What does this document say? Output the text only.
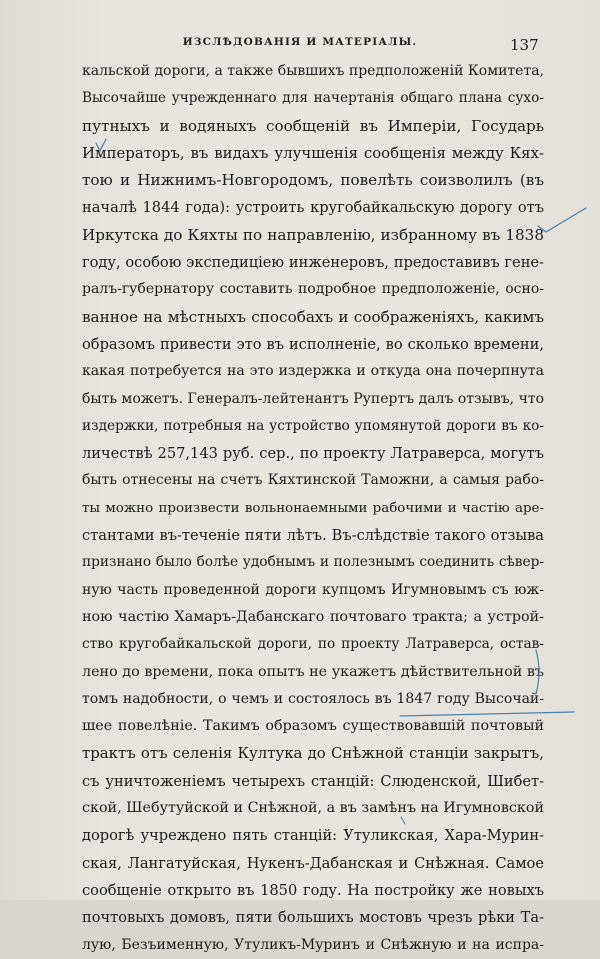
ИЗСЛѢДОВАНІЯ И МАТЕРІАЛЫ.	137
кальской дороги, а также бывшихъ предположеній Комитета,
Высочайше учрежденнаго для начертанія общаго плана сухо-
путныхъ и водяныхъ сообщеній въ Имперіи, Государь
Императоръ, въ видахъ улучшенія сообщенія между Кях-
тою и Нижнимъ-Новгородомъ, повелѣть соизволилъ (въ
началѣ 1844 года): устроить кругобайкальскую дорогу отъ
Иркутска до Кяхты по направленію, избранному въ 1838
году, особою экспедиціею инженеровъ, предоставивъ гене-
ралъ-губернатору составить подробное предположеніе, осно-
ванное на мѣстныхъ способахъ и соображеніяхъ, какимъ
образомъ привести это въ исполненіе, во сколько времени,
какая потребуется на это издержка и откуда она почерпнута
быть можетъ. Генералъ-лейтенантъ Рупертъ далъ отзывъ, что
издержки, потребныя на устройство упомянутой дороги въ ко-
личествѣ 257,143 руб. сер., по проекту Латраверса, могутъ
быть отнесены на счетъ Кяхтинской Таможни, а самыя рабо-
ты можно произвести вольнонаемными рабочими и частію аре-
стантами въ-теченіе пяти лѣтъ. Въ-слѣдствіе такого отзыва
признано было болѣе удобнымъ и полезнымъ соединить сѣвер-
ную часть проведенной дороги купцомъ Игумновымъ съ юж-
ною частію Хамаръ-Дабанскаго почтоваго тракта; а устрой-
ство кругобайкальской дороги, по проекту Латраверса, остав-
лено до времени, пока опытъ не укажетъ дѣйствительной въ
томъ надобности, о чемъ и состоялось въ 1847 году Высочай-
шее повелѣніе. Такимъ образомъ существовавшій почтовый
трактъ отъ селенія Култука до Снѣжной станціи закрытъ,
съ уничтоженіемъ четырехъ станцій: Слюденской, Шибет-
ской, Шебутуйской и Снѣжной, а въ замѣнъ на Игумновской
дорогѣ учреждено пять станцій: Утуликская, Хара-Мурин-
ская, Лангатуйская, Нукенъ-Дабанская и Снѣжная. Самое
сообщеніе открыто въ 1850 году. На постройку же новыхъ
почтовыхъ домовъ, пяти большихъ мостовъ чрезъ рѣки Та-
лую, Безъименную, Утуликъ-Муринъ и Снѣжную и на испра-
